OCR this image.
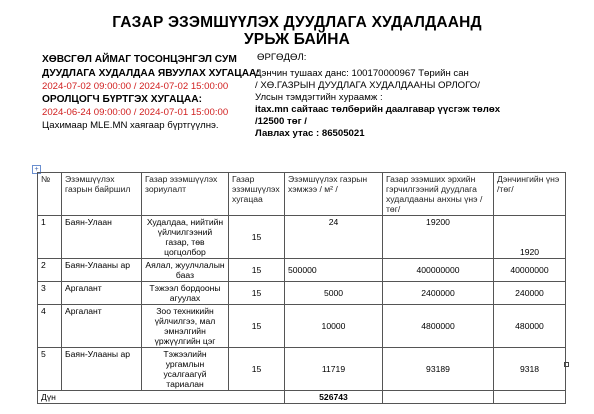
ГАЗАР ЭЗЭМШҮҮЛЭХ ДУУДЛАГА ХУДАЛДААНД
УРЬЖ БАЙНА
ХӨВСГӨЛ АЙМАГ ТОСОНЦЭНГЭЛ СУМ
ДУУДЛАГА ХУДАЛДАА ЯВУУЛАХ ХУГАЦАА:
2024-07-02 09:00:00 / 2024-07-02 15:00:00
ОРОЛЦОГЧ БҮРТГЭХ ХУГАЦАА:
2024-06-24 09:00:00 / 2024-07-01 15:00:00
Цахимаар MLE.MN хаягаар бүртгүүлнэ.
ӨРГӨДӨЛ:
Дэнчин тушаах данс: 100170000967 Төрийн сан
/ ХӨ.ГАЗРЫН ДУУДЛАГА ХУДАЛДААНЫ ОРЛОГО/
Улсын тэмдэгтийн хураамж :
itax.mn сайтаас төлбөрийн даалгавар үүсгэж төлөх
/12500 төг /
Лавлах утас : 86505021
+
№	Эзэмшүүлэх газрын байршил	Газар эзэмшүүлэх зориулалт	Газар эзэмшүүлэх хугацаа	Эзэмшүүлэх газрын хэмжээ / м² /	Газар эзэмших эрхийн гэрчилгээний дуудлага худалдааны анхны үнэ /төг/	Дэнчингийн үнэ /төг/
1	Баян-Улаан	Худалдаа, нийтийн үйлчилгээний газар, төв цогцолбор	15	24	19200	1920
2	Баян-Улааны ар	Аялал, жуулчлалын бааз	15	500000	400000000	40000000
3	Аргалант	Тэжээл бордооны агуулах	15	5000	2400000	240000
4	Аргалант	Зоо техникийн үйлчилгээ, мал эмнэлгийн үржүүлгийн цэг	15	10000	4800000	480000
5	Баян-Улааны ар	Тэжээлийн ургамлын усалгаагүй тариалан	15	11719	93189	9318
Дүн				526743		
